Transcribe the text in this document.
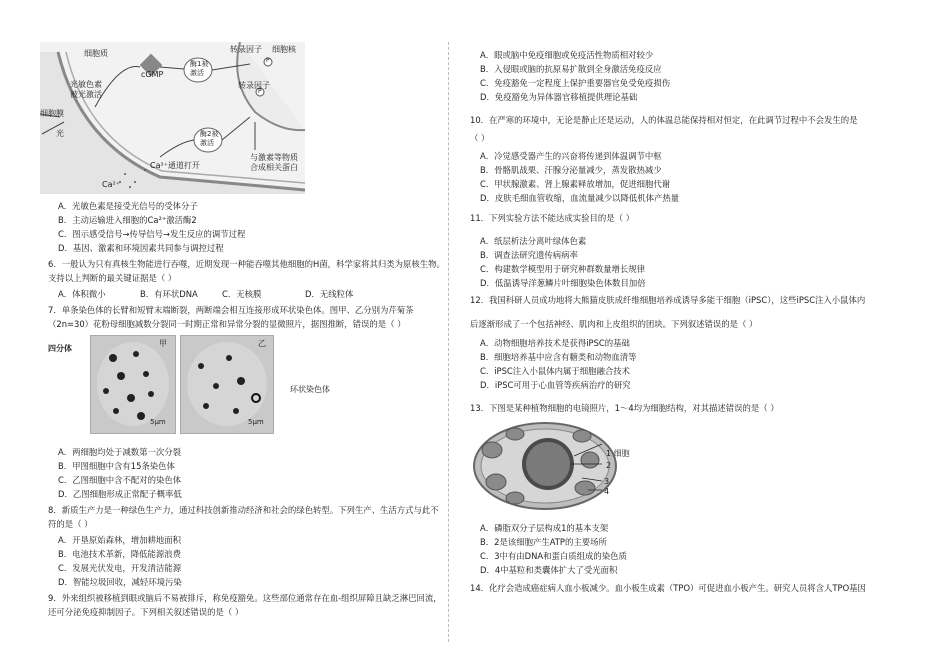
细胞质
光敏色素
被光激活
cGMP
酶1被
激活
酶2被
激活
转录因子 细胞核
转录因子
P
P
细胞膜
光
Ca²⁺通道打开
Ca²⁺
与激素等物质
合成相关蛋白
A．光敏色素是接受光信号的受体分子
B．主动运输进入细胞的Ca²⁺激活酶2
C．图示感受信号→传导信号→发生反应的调节过程
D．基因、激素和环境因素共同参与调控过程
6．一般认为只有真核生物能进行吞噬，近期发现一种能吞噬其他细胞的H菌，科学家将其归类为原核生物。
支持以上判断的最关键证据是（ ）
A．体积微小	B．有环状DNA	C．无核膜	D．无线粒体
7．单条染色体的长臂和短臂末端断裂，两断端会相互连接形成环状染色体。图甲、乙分别为芹菊茶
（2n=30）花粉母细胞减数分裂同一时期正常和异常分裂的显微照片，据图推断，错误的是（ ）
四分体
甲	乙
环状染色体
5μm	5μm
A．两细胞均处于减数第一次分裂
B．甲图细胞中含有15条染色体
C．乙图细胞中含不配对的染色体
D．乙图细胞形成正常配子概率低
8．新质生产力是一种绿色生产力，通过科技创新推动经济和社会的绿色转型。下列生产、生活方式与此不
符的是（ ）
A．开垦原始森林，增加耕地面积
B．电池技术革新，降低能源浪费
C．发展光伏发电，开发清洁能源
D．智能垃圾回收，减轻环境污染
9．外来组织被移植到眼或脑后不易被排斥，称免疫豁免。这些部位通常存在血-组织屏障且缺乏淋巴回流，
还可分泌免疫抑制因子。下列相关叙述错误的是（ ）
A．眼或脑中免疫细胞或免疫活性物质相对较少
B．入侵眼或脑的抗原易扩散到全身激活免疫反应
C．免疫豁免一定程度上保护重要器官免受免疫损伤
D．免疫豁免为异体器官移植提供理论基础
10．在严寒的环境中，无论是静止还是运动，人的体温总能保持相对恒定，在此调节过程中不会发生的是
（ ）
A．冷觉感受器产生的兴奋将传递到体温调节中枢
B．骨骼肌战栗、汗腺分泌量减少，蒸发散热减少
C．甲状腺激素、肾上腺素释放增加，促进细胞代谢
D．皮肤毛细血管收缩，血流量减少以降低机体产热量
11．下列实验方法不能达成实验目的是（ ）
A．纸层析法分离叶绿体色素
B．调查法研究遗传病病率
C．构建数学模型用于研究种群数量增长规律
D．低温诱导洋葱鳞片叶细胞染色体数目加倍
12．我国科研人员成功地将大熊猫皮肤成纤维细胞培养成诱导多能干细胞（iPSC），这些iPSC注入小鼠体内
后逐渐形成了一个包括神经、肌肉和上皮组织的团块。下列叙述错误的是（ ）
A．动物细胞培养技术是获得iPSC的基础
B．细胞培养基中应含有糖类和动物血清等
C．iPSC注入小鼠体内属于细胞融合技术
D．iPSC可用于心血管等疾病治疗的研究
13．下图是某种植物细胞的电镜照片，1～4均为细胞结构，对其描述错误的是（ ）
1 细胞
2
3
4
A．磷脂双分子层构成1的基本支架
B．2是该细胞产生ATP的主要场所
C．3中有由DNA和蛋白质组成的染色质
D．4中基粒和类囊体扩大了受光面积
14．化疗会造成癌症病人血小板减少。血小板生成素（TPO）可促进血小板产生。研究人员将含人TPO基因
